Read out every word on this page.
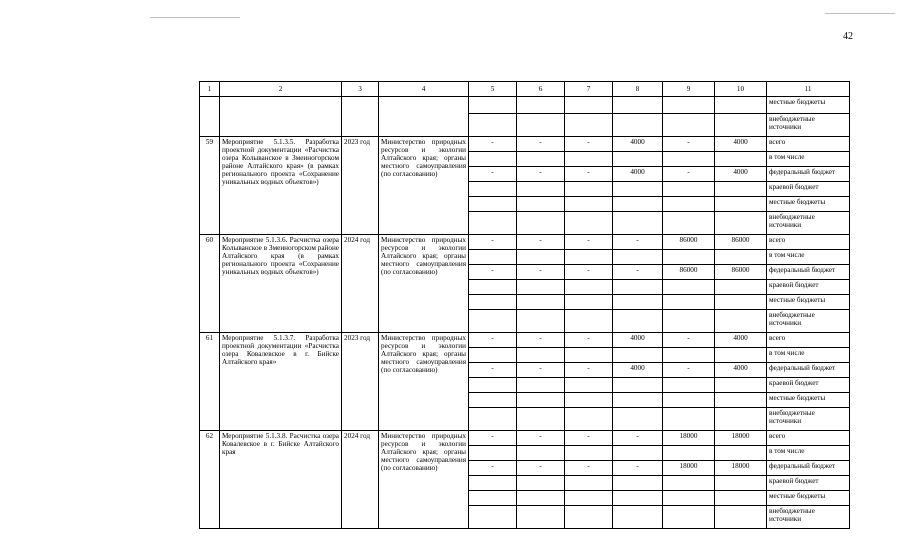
42
1	2	3	4	5	6	7	8	9	10	11
										местные бюджеты
										внебюджетные источники
59	Мероприятие 5.1.3.5. Разработка проектной документации «Расчистка озера Колыванское в Змеиногорском районе Алтайского края» (в рамках регионального проекта «Сохранение уникальных водных объектов»)	2023 год	Министерство природных ресурсов и экологии Алтайского края; органы местного самоуправления (по согласованию)	-	-	-	4000	-	4000	всего
										в том числе
				-	-	-	4000	-	4000	федеральный бюджет
										краевой бюджет
										местные бюджеты
										внебюджетные источники
60	Мероприятие 5.1.3.6. Расчистка озера Колыванское в Змеиногорском районе Алтайского края (в рамках регионального проекта «Сохранение уникальных водных объектов»)	2024 год	Министерство природных ресурсов и экологии Алтайского края; органы местного самоуправления (по согласованию)	-	-	-	-	86000	86000	всего
										в том числе
				-	-	-	-	86000	86000	федеральный бюджет
										краевой бюджет
										местные бюджеты
										внебюджетные источники
61	Мероприятие 5.1.3.7. Разработка проектной документации «Расчистка озера Ковалевское в г. Бийске Алтайского края»	2023 год	Министерство природных ресурсов и экологии Алтайского края; органы местного самоуправления (по согласованию)	-	-	-	4000	-	4000	всего
										в том числе
				-	-	-	4000	-	4000	федеральный бюджет
										краевой бюджет
										местные бюджеты
										внебюджетные источники
62	Мероприятие 5.1.3.8. Расчистка озера Ковалевское в г. Бийске Алтайского края	2024 год	Министерство природных ресурсов и экологии Алтайского края; органы местного самоуправления (по согласованию)	-	-	-	-	18000	18000	всего
										в том числе
				-	-	-	-	18000	18000	федеральный бюджет
										краевой бюджет
										местные бюджеты
										внебюджетные источники
